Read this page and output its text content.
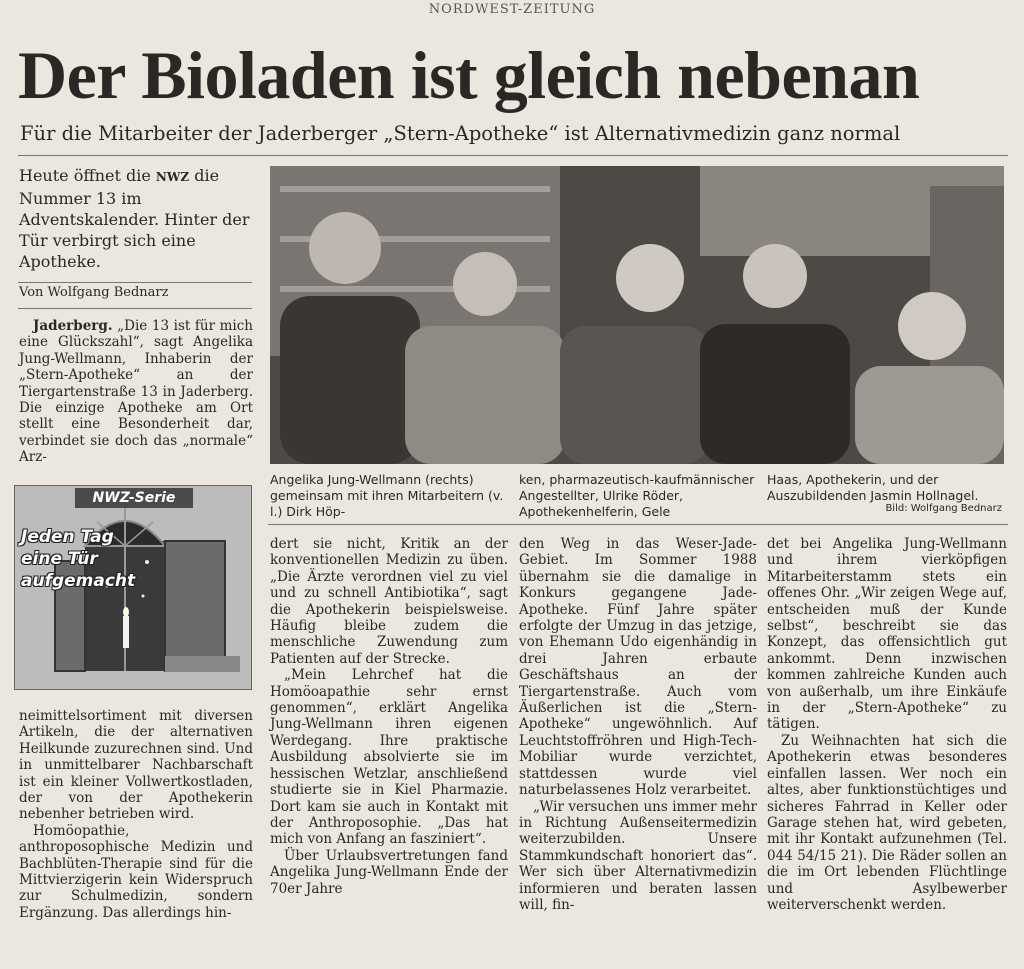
NORDWEST-ZEITUNG
Der Bioladen ist gleich nebenan
Für die Mitarbeiter der Jaderberger „Stern-Apotheke“ ist Alternativmedizin ganz normal
Heute öffnet die NWZ die Nummer 13 im Adventskalender. Hinter der Tür verbirgt sich eine Apotheke.
Von Wolfgang Bednarz

Jaderberg. „Die 13 ist für mich eine Glückszahl“, sagt Angelika Jung-Wellmann, Inhaberin der „Stern-Apotheke“ an der Tiergartenstraße 13 in Jaderberg. Die einzige Apotheke am Ort stellt eine Besonderheit dar, verbindet sie doch das „normale“ Arz-

NWZ-Serie
Jeden Tag
eine Tür
aufgemacht

neimittelsortiment mit diversen Artikeln, die der alternativen Heilkunde zuzurechnen sind. Und in unmittelbarer Nachbarschaft ist ein kleiner Vollwertkostladen, der von der Apothekerin nebenher betrieben wird.

Homöopathie, anthroposophische Medizin und Bachblüten-Therapie sind für die Mittvierzigerin kein Widerspruch zur Schulmedizin, sondern Ergänzung. Das allerdings hin-

Angelika Jung-Wellmann (rechts) gemeinsam mit ihren Mitarbeitern (v. l.) Dirk Höp-
ken, pharmazeutisch-kaufmännischer Angestellter, Ulrike Röder, Apothekenhelferin, Gele
Haas, Apothekerin, und der Auszubildenden Jasmin Hollnagel.
Bild: Wolfgang Bednarz

dert sie nicht, Kritik an der konventionellen Medizin zu üben. „Die Ärzte verordnen viel zu viel und zu schnell Antibiotika“, sagt die Apothekerin beispielsweise. Häufig bleibe zudem die menschliche Zuwendung zum Patienten auf der Strecke.

„Mein Lehrchef hat die Homöoapathie sehr ernst genommen“, erklärt Angelika Jung-Wellmann ihren eigenen Werdegang. Ihre praktische Ausbildung absolvierte sie im hessischen Wetzlar, anschließend studierte sie in Kiel Pharmazie. Dort kam sie auch in Kontakt mit der Anthroposophie. „Das hat mich von Anfang an fasziniert“.

Über Urlaubsvertretungen fand Angelika Jung-Wellmann Ende der 70er Jahre

den Weg in das Weser-Jade-Gebiet. Im Sommer 1988 übernahm sie die damalige in Konkurs gegangene Jade-Apotheke. Fünf Jahre später erfolgte der Umzug in das jetzige, von Ehemann Udo eigenhändig in drei Jahren erbaute Geschäftshaus an der Tiergartenstraße. Auch vom Äußerlichen ist die „Stern-Apotheke“ ungewöhnlich. Auf Leuchtstoffröhren und High-Tech-Mobiliar wurde verzichtet, stattdessen wurde viel naturbelassenes Holz verarbeitet.

„Wir versuchen uns immer mehr in Richtung Außenseitermedizin weiterzubilden. Unsere Stammkundschaft honoriert das“. Wer sich über Alternativmedizin informieren und beraten lassen will, fin-

det bei Angelika Jung-Wellmann und ihrem vierköpfigen Mitarbeiterstamm stets ein offenes Ohr. „Wir zeigen Wege auf, entscheiden muß der Kunde selbst“, beschreibt sie das Konzept, das offensichtlich gut ankommt. Denn inzwischen kommen zahlreiche Kunden auch von außerhalb, um ihre Einkäufe in der „Stern-Apotheke“ zu tätigen.

Zu Weihnachten hat sich die Apothekerin etwas besonderes einfallen lassen. Wer noch ein altes, aber funktionstüchtiges und sicheres Fahrrad in Keller oder Garage stehen hat, wird gebeten, mit ihr Kontakt aufzunehmen (Tel. 044 54/15 21). Die Räder sollen an die im Ort lebenden Flüchtlinge und Asylbewerber weiterverschenkt werden.
